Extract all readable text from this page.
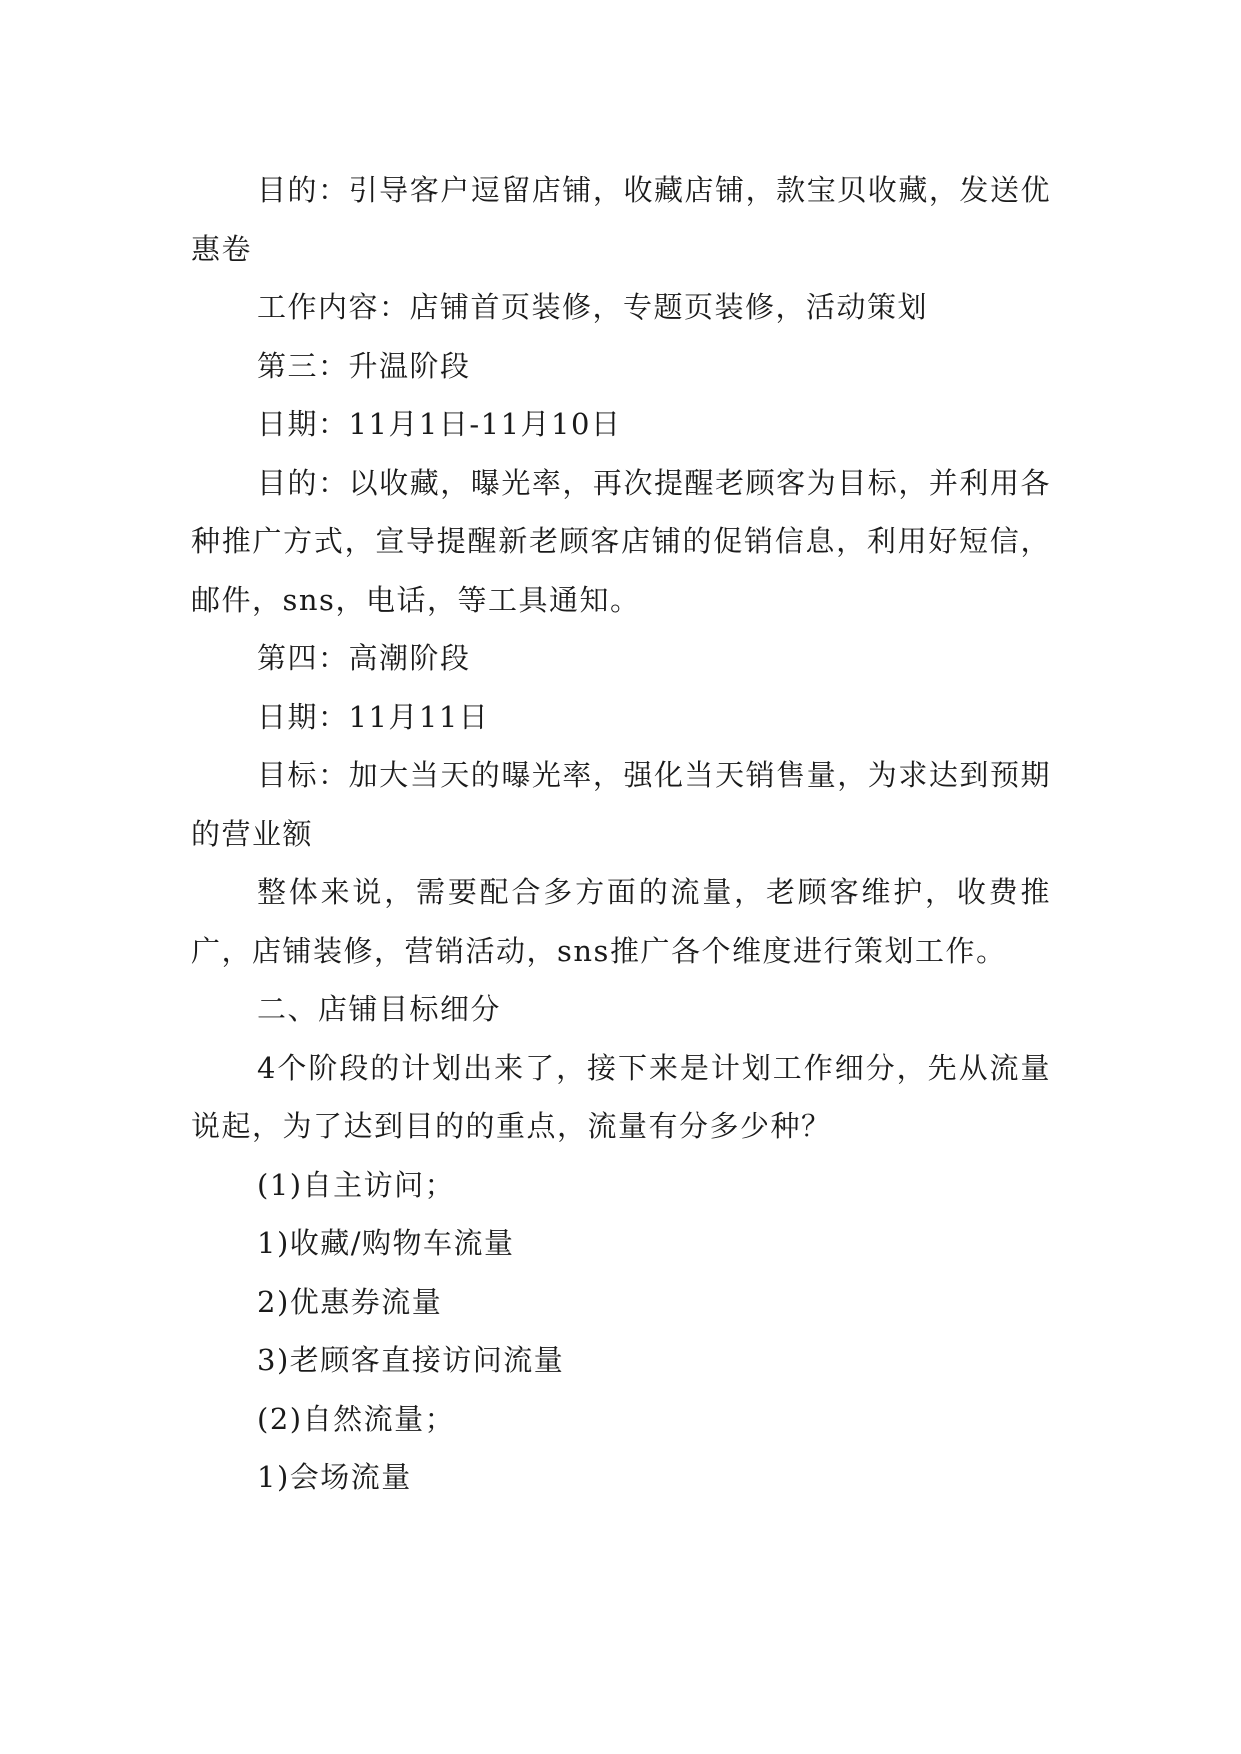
目的：引导客户逗留店铺，收藏店铺，款宝贝收藏，发送优惠卷

工作内容：店铺首页装修，专题页装修，活动策划

第三：升温阶段

日期：11月1日-11月10日

目的：以收藏，曝光率，再次提醒老顾客为目标，并利用各种推广方式，宣导提醒新老顾客店铺的促销信息，利用好短信，邮件，sns，电话，等工具通知。

第四：高潮阶段

日期：11月11日

目标：加大当天的曝光率，强化当天销售量，为求达到预期的营业额

整体来说，需要配合多方面的流量，老顾客维护，收费推广，店铺装修，营销活动，sns推广各个维度进行策划工作。

二、店铺目标细分

4个阶段的计划出来了，接下来是计划工作细分，先从流量说起，为了达到目的的重点，流量有分多少种？

(1)自主访问；

1)收藏/购物车流量

2)优惠券流量

3)老顾客直接访问流量

(2)自然流量；

1)会场流量
